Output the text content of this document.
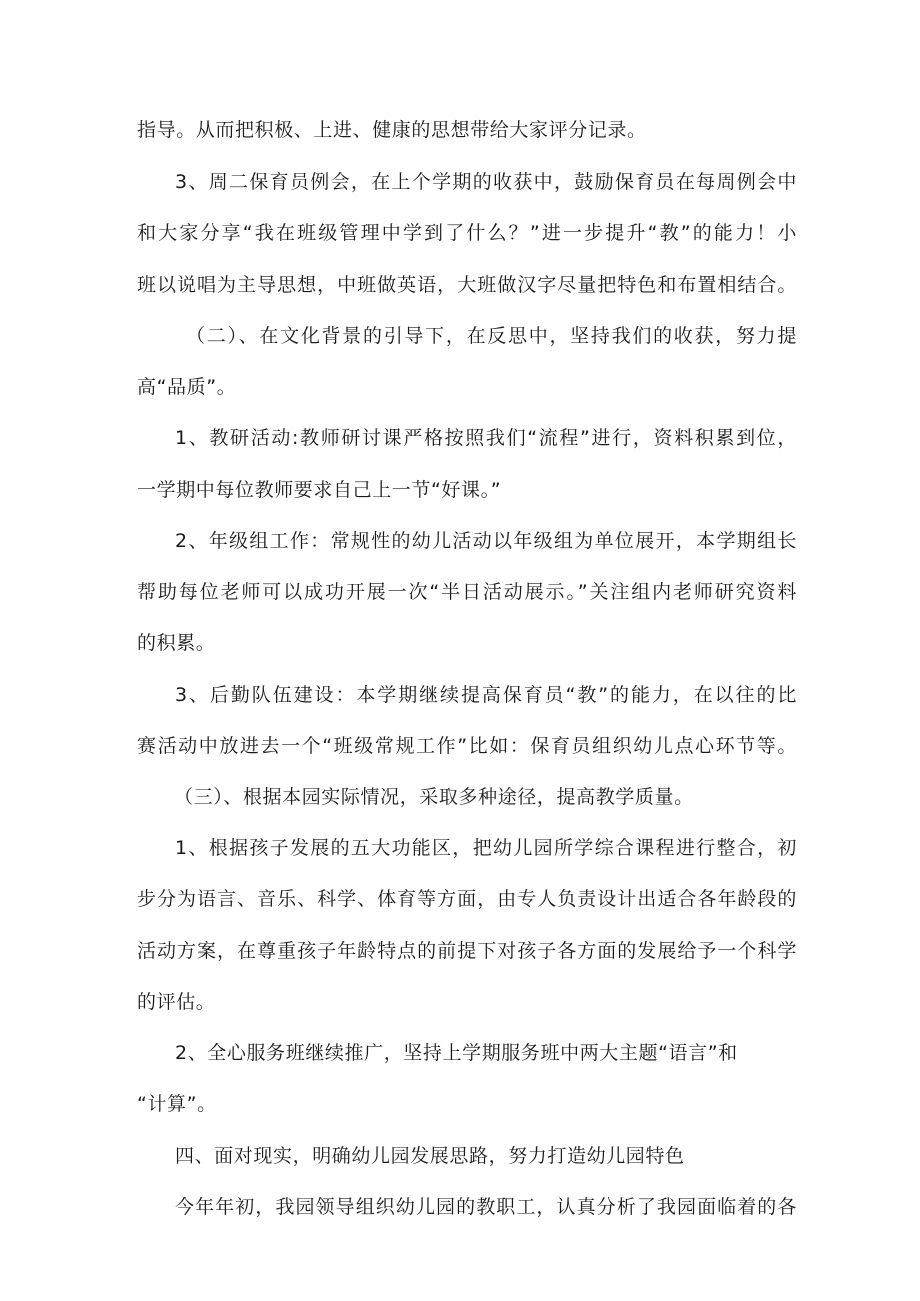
指导。从而把积极、上进、健康的思想带给大家评分记录。
3、周二保育员例会，在上个学期的收获中，鼓励保育员在每周例会中
和大家分享“我在班级管理中学到了什么？”进一步提升“教”的能力！小
班以说唱为主导思想，中班做英语，大班做汉字尽量把特色和布置相结合。
（二）、在文化背景的引导下，在反思中，坚持我们的收获，努力提
高“品质”。
1、教研活动:教师研讨课严格按照我们“流程”进行，资料积累到位，
一学期中每位教师要求自己上一节“好课。”
2、年级组工作：常规性的幼儿活动以年级组为单位展开，本学期组长
帮助每位老师可以成功开展一次“半日活动展示。”关注组内老师研究资料
的积累。
3、后勤队伍建设：本学期继续提高保育员“教”的能力，在以往的比
赛活动中放进去一个“班级常规工作”比如：保育员组织幼儿点心环节等。
（三）、根据本园实际情况，采取多种途径，提高教学质量。
1、根据孩子发展的五大功能区，把幼儿园所学综合课程进行整合，初
步分为语言、音乐、科学、体育等方面，由专人负责设计出适合各年龄段的
活动方案，在尊重孩子年龄特点的前提下对孩子各方面的发展给予一个科学
的评估。
2、全心服务班继续推广，坚持上学期服务班中两大主题“语言”和
“计算”。
四、面对现实，明确幼儿园发展思路，努力打造幼儿园特色
今年年初，我园领导组织幼儿园的教职工，认真分析了我园面临着的各
